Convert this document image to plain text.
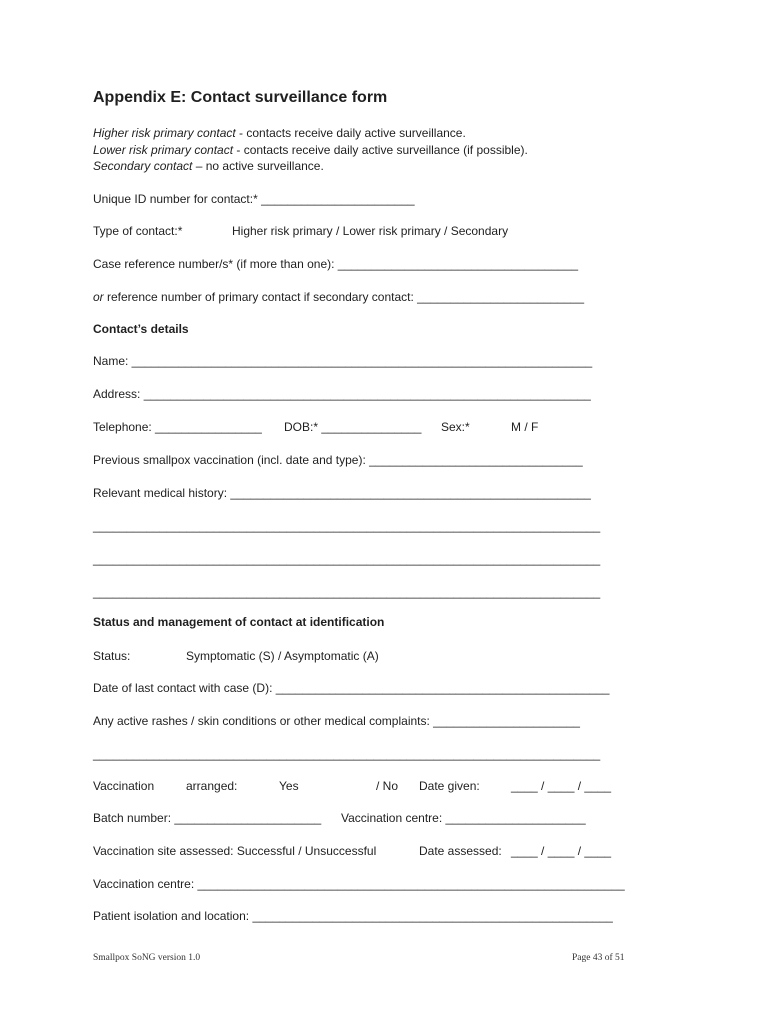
Appendix E: Contact surveillance form
Higher risk primary contact - contacts receive daily active surveillance.
Lower risk primary contact - contacts receive daily active surveillance (if possible).
Secondary contact – no active surveillance.
Unique ID number for contact:* _______________________
Type of contact:*	Higher risk primary / Lower risk primary / Secondary
Case reference number/s* (if more than one): ____________________________________
or reference number of primary contact if secondary contact: _________________________
Contact’s details
Name: _____________________________________________________________________
Address: ___________________________________________________________________
Telephone: ________________ DOB:* _______________ Sex:*	M / F
Previous smallpox vaccination (incl. date and type): ________________________________
Relevant medical history: ______________________________________________________
____________________________________________________________________________
____________________________________________________________________________
____________________________________________________________________________
Status and management of contact at identification
Status:	Symptomatic (S) / Asymptomatic (A)
Date of last contact with case (D): __________________________________________________
Any active rashes / skin conditions or other medical complaints: ______________________
____________________________________________________________________________
Vaccination	arranged:	Yes	/ No Date given:	____ / ____ / ____
Batch number: ______________________ Vaccination centre: _____________________
Vaccination site assessed: Successful / Unsuccessful	Date assessed: ____ / ____ / ____
Vaccination centre: ________________________________________________________________
Patient isolation and location: ______________________________________________________
Smallpox SoNG version 1.0	Page 43 of 51
